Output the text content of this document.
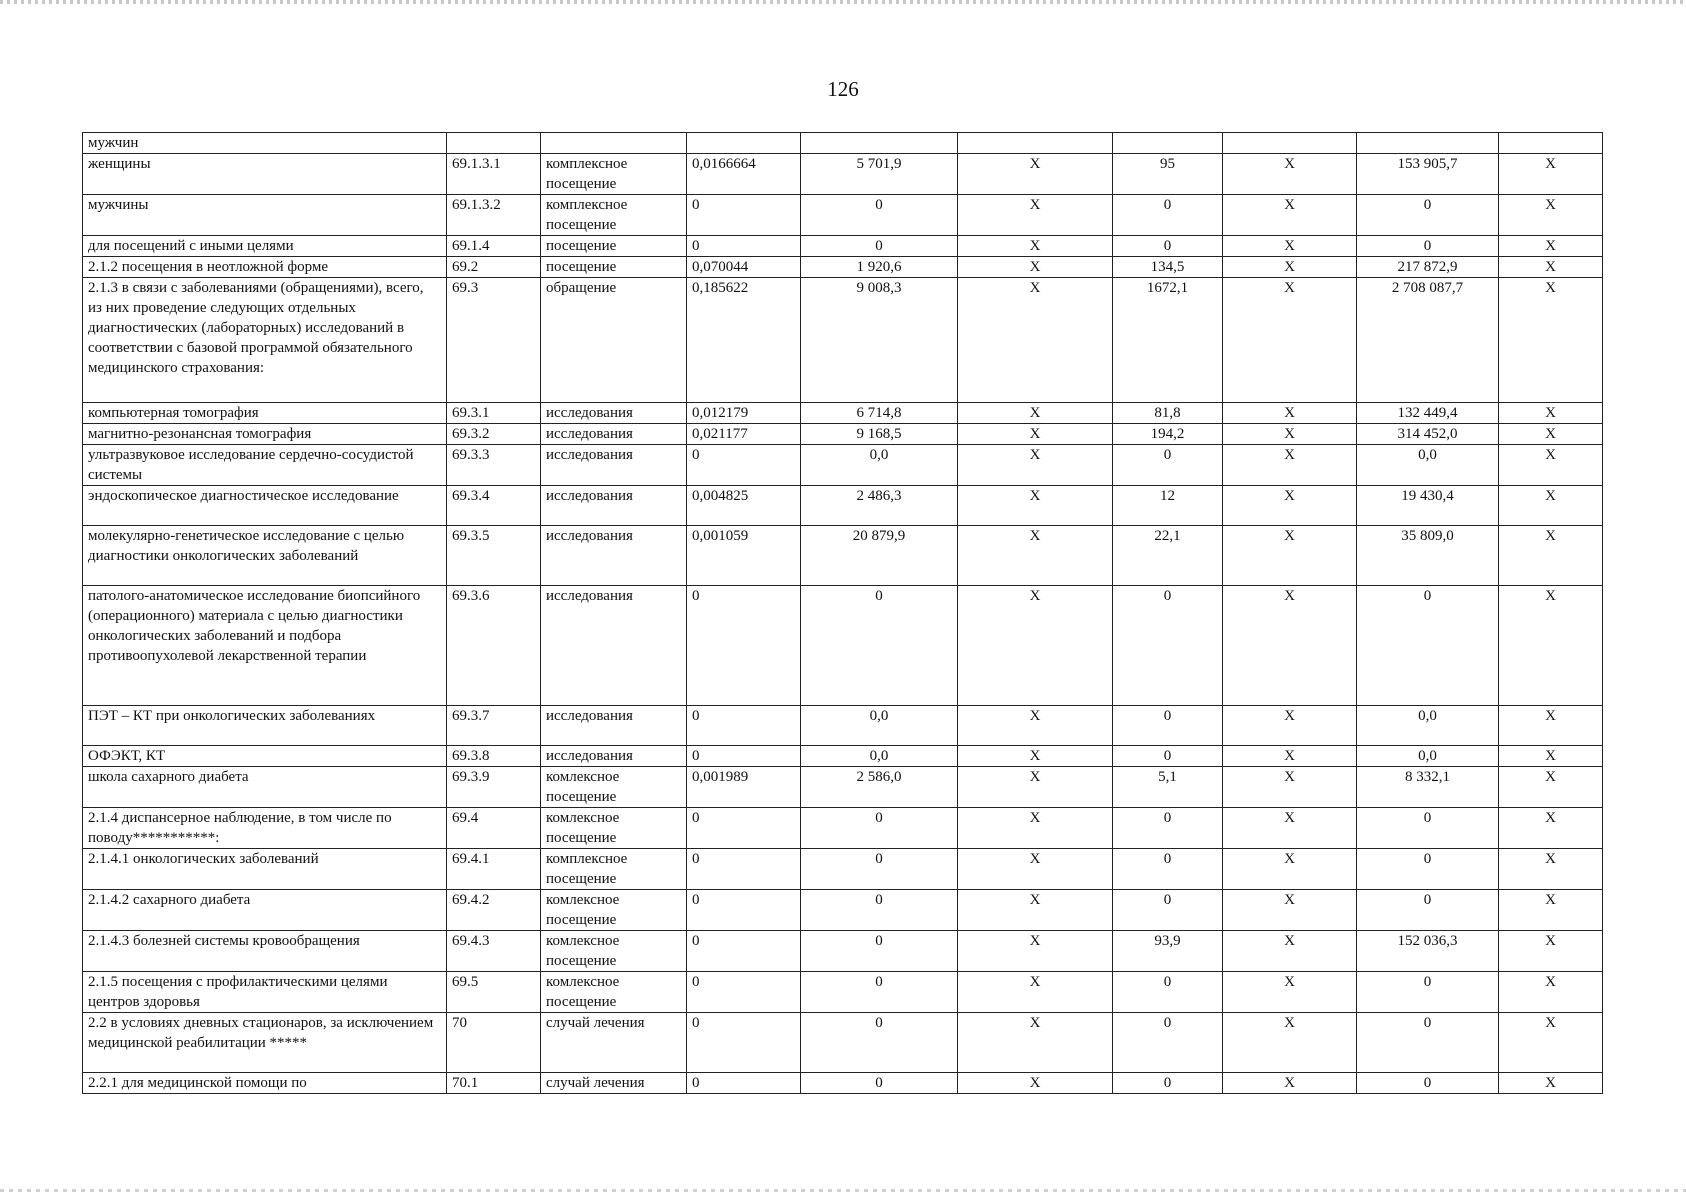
126
мужчин									
женщины	69.1.3.1	комплексное посещение	0,0166664	5 701,9	X	95	X	153 905,7	X
мужчины	69.1.3.2	комплексное посещение	0	0	X	0	X	0	X
для посещений с иными целями	69.1.4	посещение	0	0	X	0	X	0	X
2.1.2 посещения в неотложной форме	69.2	посещение	0,070044	1 920,6	X	134,5	X	217 872,9	X
2.1.3 в связи с заболеваниями (обращениями), всего, из них проведение следующих отдельных диагностических (лабораторных) исследований в соответствии с базовой программой обязательного медицинского страхования:	69.3	обращение	0,185622	9 008,3	X	1672,1	X	2 708 087,7	X
компьютерная томография	69.3.1	исследования	0,012179	6 714,8	X	81,8	X	132 449,4	X
магнитно-резонансная томография	69.3.2	исследования	0,021177	9 168,5	X	194,2	X	314 452,0	X
ультразвуковое исследование сердечно-сосудистой системы	69.3.3	исследования	0	0,0	X	0	X	0,0	X
эндоскопическое диагностическое исследование	69.3.4	исследования	0,004825	2 486,3	X	12	X	19 430,4	X
молекулярно-генетическое исследование с целью диагностики онкологических заболеваний	69.3.5	исследования	0,001059	20 879,9	X	22,1	X	35 809,0	X
патолого-анатомическое исследование биопсийного (операционного) материала с целью диагностики онкологических заболеваний и подбора противоопухолевой лекарственной терапии	69.3.6	исследования	0	0	X	0	X	0	X
ПЭТ – КТ при онкологических заболеваниях	69.3.7	исследования	0	0,0	X	0	X	0,0	X
ОФЭКТ, КТ	69.3.8	исследования	0	0,0	X	0	X	0,0	X
школа сахарного диабета	69.3.9	комлексное посещение	0,001989	2 586,0	X	5,1	X	8 332,1	X
2.1.4 диспансерное наблюдение, в том числе по поводу***********:	69.4	комлексное посещение	0	0	X	0	X	0	X
2.1.4.1 онкологических заболеваний	69.4.1	комплексное посещение	0	0	X	0	X	0	X
2.1.4.2 сахарного диабета	69.4.2	комлексное посещение	0	0	X	0	X	0	X
2.1.4.3 болезней системы кровообращения	69.4.3	комлексное посещение	0	0	X	93,9	X	152 036,3	X
2.1.5 посещения с профилактическими целями центров здоровья	69.5	комлексное посещение	0	0	X	0	X	0	X
2.2 в условиях дневных стационаров, за исключением медицинской реабилитации *****	70	случай лечения	0	0	X	0	X	0	X
2.2.1 для медицинской помощи по	70.1	случай лечения	0	0	X	0	X	0	X
